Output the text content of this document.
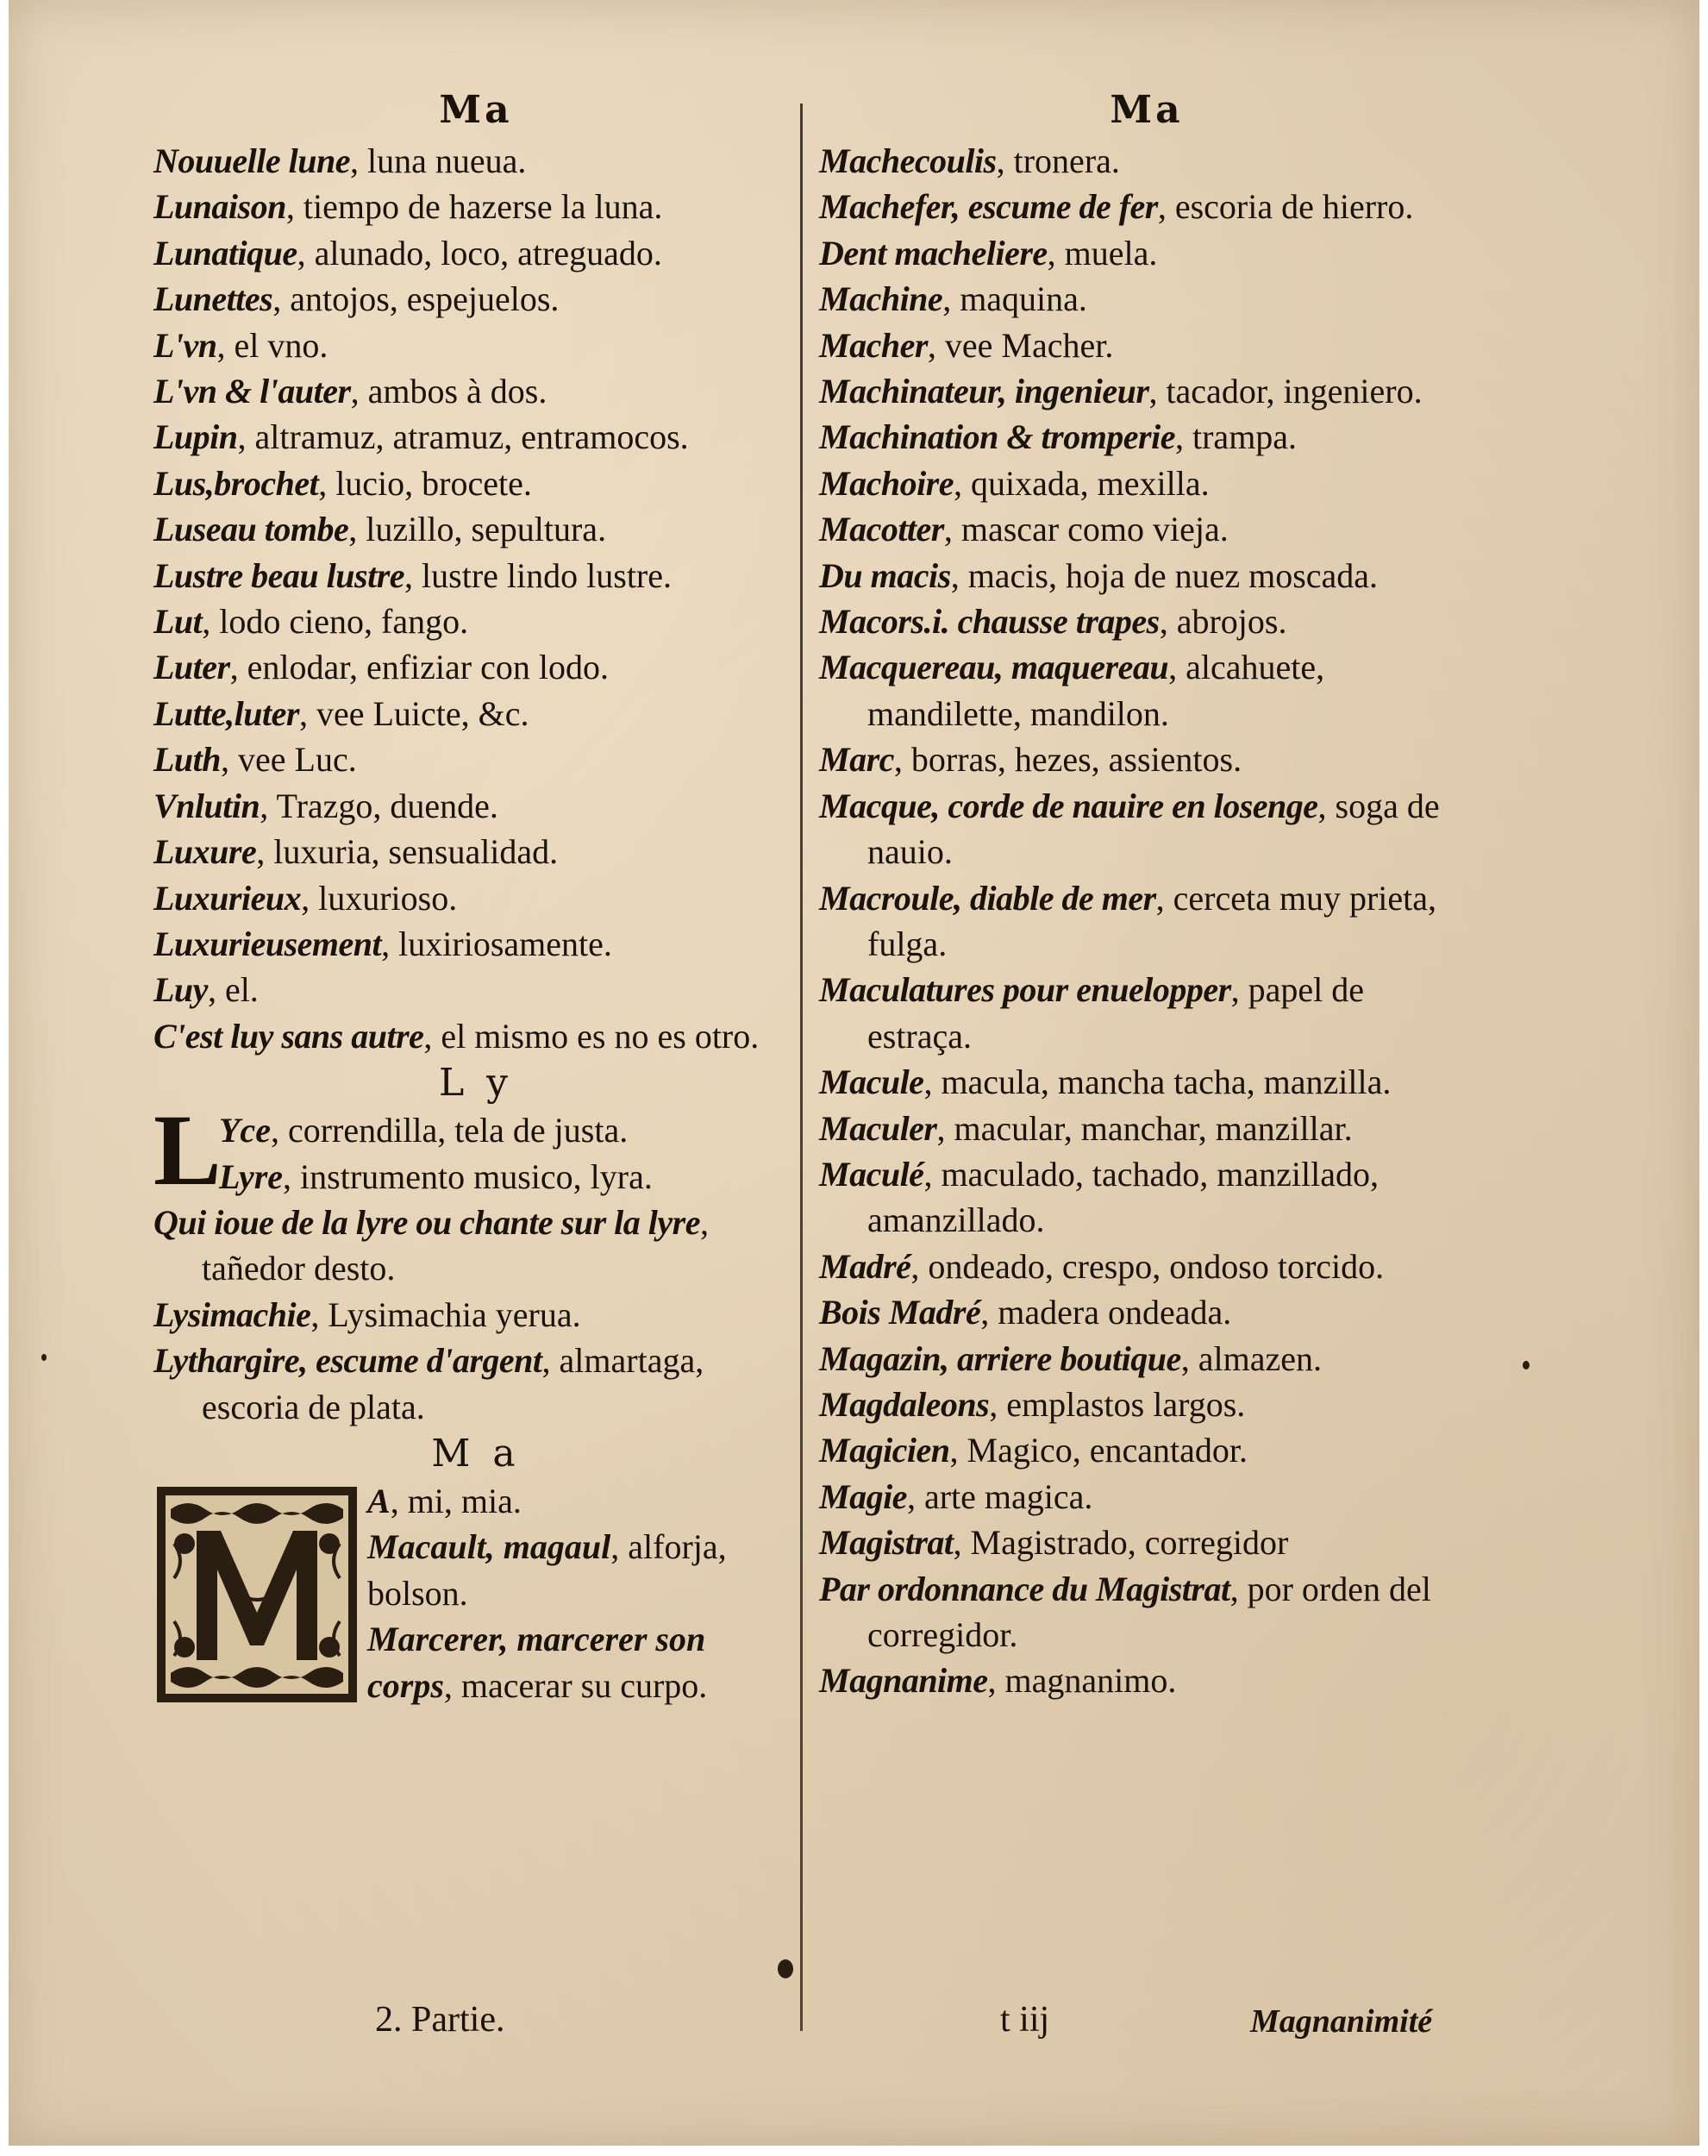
Ma
Nouuelle lune, luna nueua.
Lunaison, tiempo de hazerse la luna.
Lunatique, alunado, loco, atreguado.
Lunettes, antojos, espejuelos.
L'vn, el vno.
L'vn & l'auter, ambos à dos.
Lupin, altramuz, atramuz, entramocos.
Lus,brochet, lucio, brocete.
Luseau tombe, luzillo, sepultura.
Lustre beau lustre, lustre lindo lustre.
Lut, lodo cieno, fango.
Luter, enlodar, enfiziar con lodo.
Lutte,luter, vee Luicte, &c.
Luth, vee Luc.
Vnlutin, Trazgo, duende.
Luxure, luxuria, sensualidad.
Luxurieux, luxurioso.
Luxurieusement, luxiriosamente.
Luy, el.
C'est luy sans autre, el mismo es no es otro.
L y
L
Yce, correndilla, tela de justa.
Lyre, instrumento musico, lyra.
Qui ioue de la lyre ou chante sur la lyre, tañedor desto.
Lysimachie, Lysimachia yerua.
Lythargire, escume d'argent, almartaga, escoria de plata.
M a
A, mi, mia.
Macault, magaul, alforja, bolson.
Marcerer, marcerer son corps, macerar su curpo.
2. Partie.
Ma
Machecoulis, tronera.
Machefer, escume de fer, escoria de hierro.
Dent macheliere, muela.
Machine, maquina.
Macher, vee Macher.
Machinateur, ingenieur, tacador, ingeniero.
Machination & tromperie, trampa.
Machoire, quixada, mexilla.
Macotter, mascar como vieja.
Du macis, macis, hoja de nuez moscada.
Macors.i. chausse trapes, abrojos.
Macquereau, maquereau, alcahuete, mandilette, mandilon.
Marc, borras, hezes, assientos.
Macque, corde de nauire en losenge, soga de nauio.
Macroule, diable de mer, cerceta muy prieta, fulga.
Maculatures pour enuelopper, papel de estraça.
Macule, macula, mancha tacha, manzilla.
Maculer, macular, manchar, manzillar.
Maculé, maculado, tachado, manzillado, amanzillado.
Madré, ondeado, crespo, ondoso torcido.
Bois Madré, madera ondeada.
Magazin, arriere boutique, almazen.
Magdaleons, emplastos largos.
Magicien, Magico, encantador.
Magie, arte magica.
Magistrat, Magistrado, corregidor
Par ordonnance du Magistrat, por orden del corregidor.
Magnanime, magnanimo.
t iij	Magnanimité
